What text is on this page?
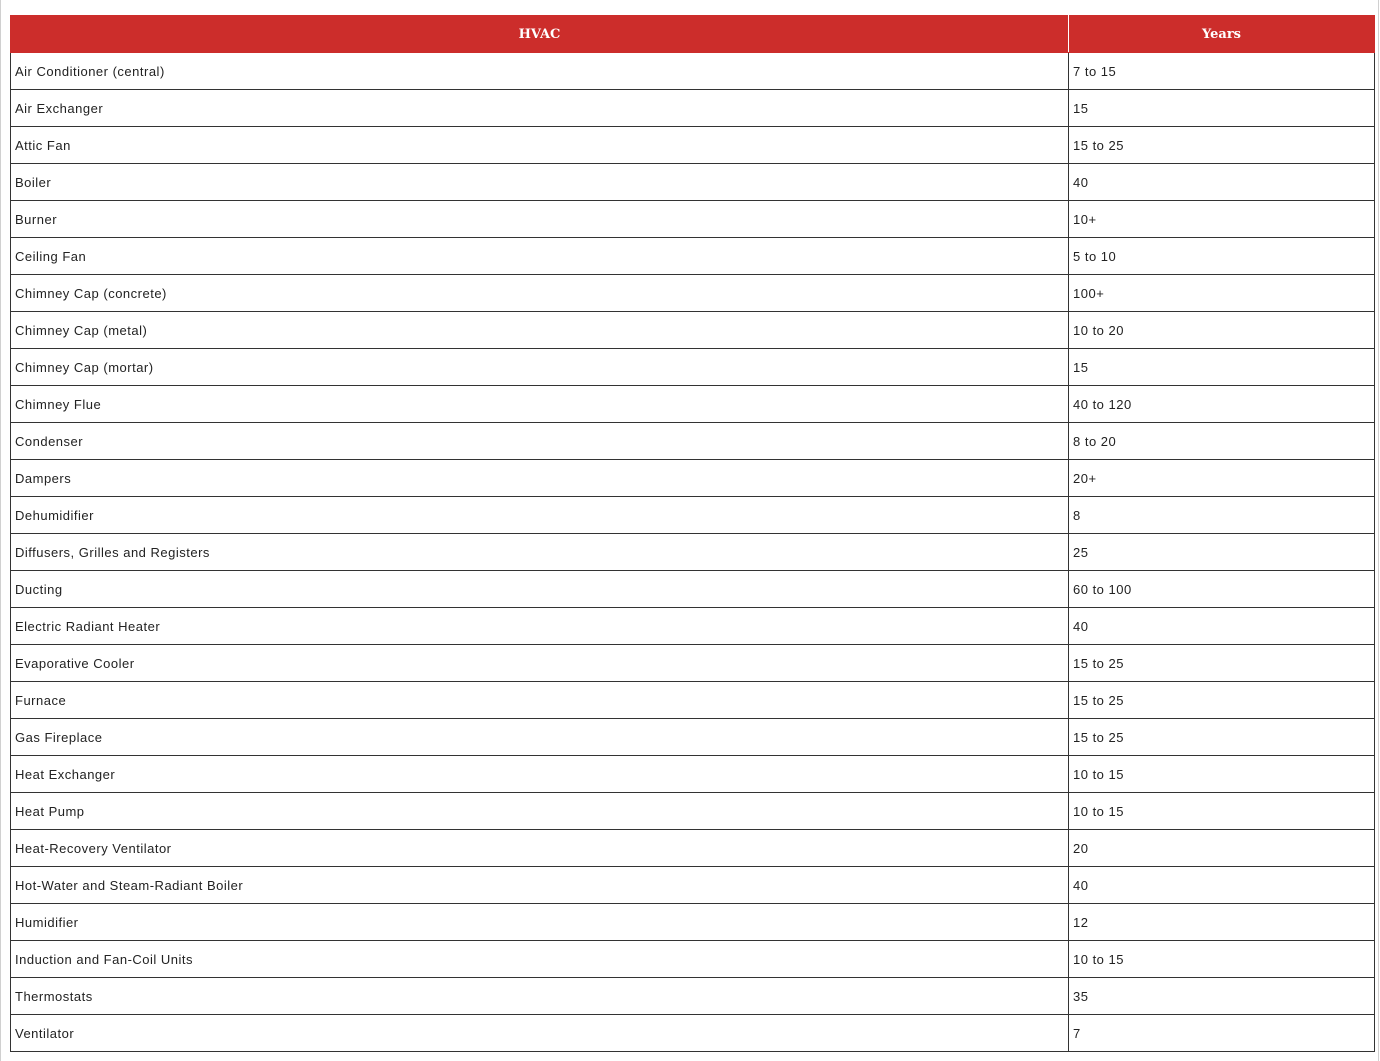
HVAC	Years
Air Conditioner (central)	7 to 15
Air Exchanger	15
Attic Fan	15 to 25
Boiler	40
Burner	10+
Ceiling Fan	5 to 10
Chimney Cap (concrete)	100+
Chimney Cap (metal)	10 to 20
Chimney Cap (mortar)	15
Chimney Flue	40 to 120
Condenser	8 to 20
Dampers	20+
Dehumidifier	8
Diffusers, Grilles and Registers	25
Ducting	60 to 100
Electric Radiant Heater	40
Evaporative Cooler	15 to 25
Furnace	15 to 25
Gas Fireplace	15 to 25
Heat Exchanger	10 to 15
Heat Pump	10 to 15
Heat-Recovery Ventilator	20
Hot-Water and Steam-Radiant Boiler	40
Humidifier	12
Induction and Fan-Coil Units	10 to 15
Thermostats	35
Ventilator	7
